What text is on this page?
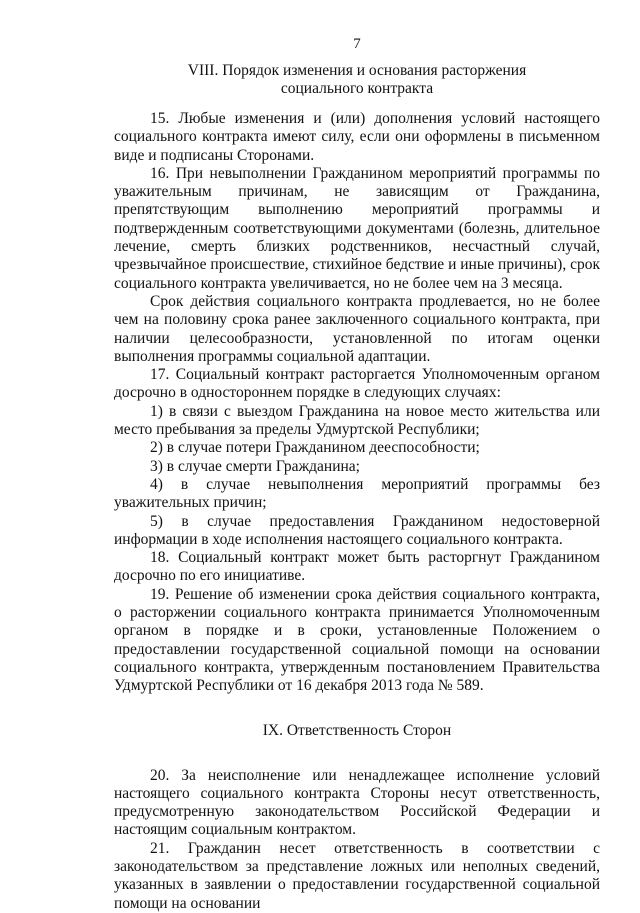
7
VIII. Порядок изменения и основания расторжения
социального контракта

15. Любые изменения и (или) дополнения условий настоящего социального контракта имеют силу, если они оформлены в письменном виде и подписаны Сторонами.

16. При невыполнении Гражданином мероприятий программы по уважительным причинам, не зависящим от Гражданина, препятствующим выполнению мероприятий программы и подтвержденным соответствующими документами (болезнь, длительное лечение, смерть близких родственников, несчастный случай, чрезвычайное происшествие, стихийное бедствие и иные причины), срок социального контракта увеличивается, но не более чем на 3 месяца.

Срок действия социального контракта продлевается, но не более чем на половину срока ранее заключенного социального контракта, при наличии целесообразности, установленной по итогам оценки выполнения программы социальной адаптации.

17. Социальный контракт расторгается Уполномоченным органом досрочно в одностороннем порядке в следующих случаях:

1) в связи с выездом Гражданина на новое место жительства или место пребывания за пределы Удмуртской Республики;

2) в случае потери Гражданином дееспособности;

3) в случае смерти Гражданина;

4) в случае невыполнения мероприятий программы без уважительных причин;

5) в случае предоставления Гражданином недостоверной информации в ходе исполнения настоящего социального контракта.

18. Социальный контракт может быть расторгнут Гражданином досрочно по его инициативе.

19. Решение об изменении срока действия социального контракта, о расторжении социального контракта принимается Уполномоченным органом в порядке и в сроки, установленные Положением о предоставлении государственной социальной помощи на основании социального контракта, утвержденным постановлением Правительства Удмуртской Республики от 16 декабря 2013 года № 589.

IX. Ответственность Сторон

20. За неисполнение или ненадлежащее исполнение условий настоящего социального контракта Стороны несут ответственность, предусмотренную законодательством Российской Федерации и настоящим социальным контрактом.

21. Гражданин несет ответственность в соответствии с законодательством за представление ложных или неполных сведений, указанных в заявлении о предоставлении государственной социальной помощи на основании
